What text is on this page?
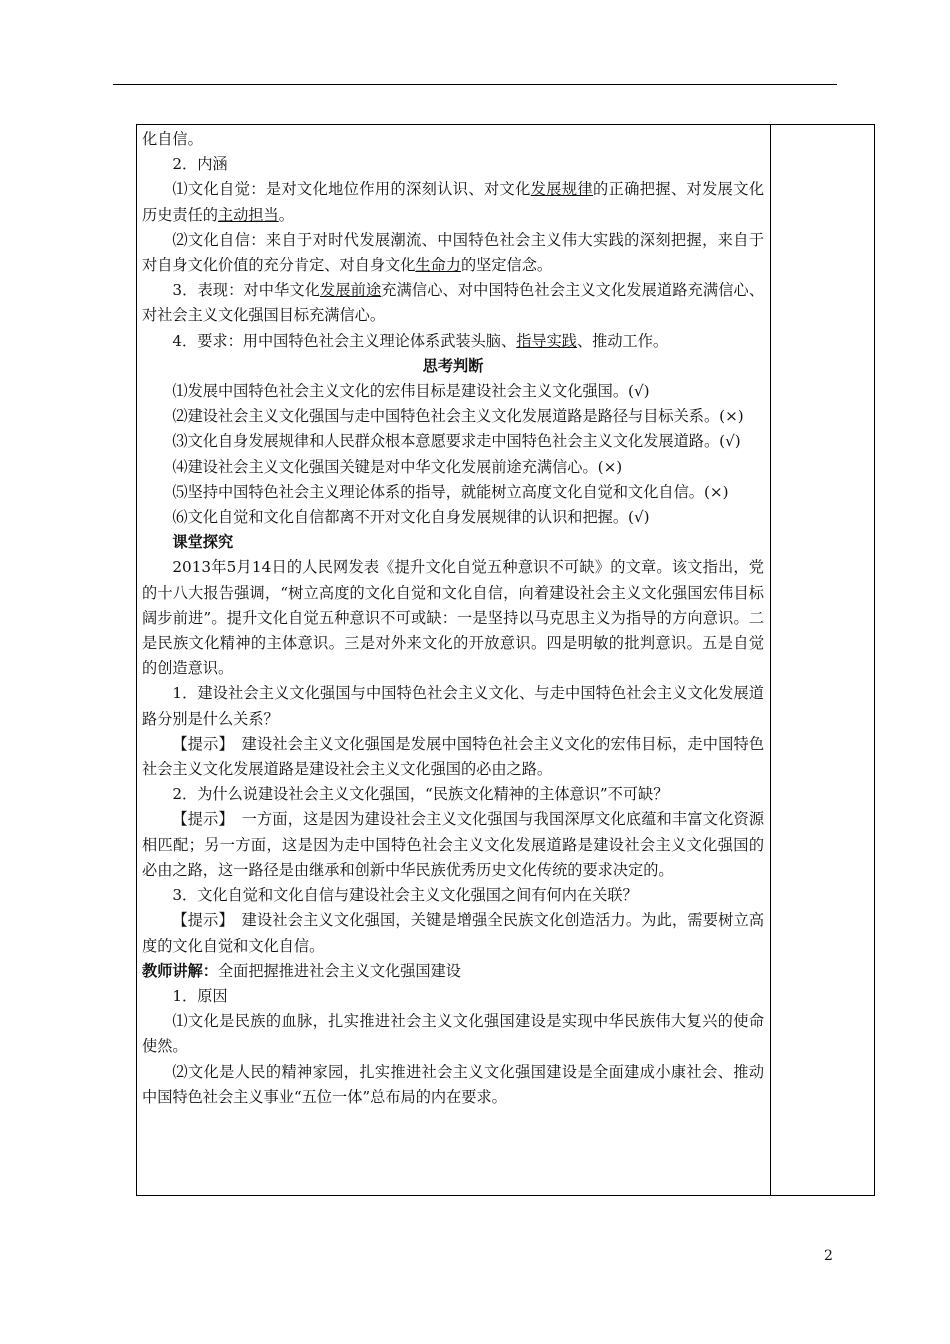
化自信。

2．内涵

⑴文化自觉：是对文化地位作用的深刻认识、对文化发展规律的正确把握、对发展文化历史责任的主动担当。

⑵文化自信：来自于对时代发展潮流、中国特色社会主义伟大实践的深刻把握，来自于对自身文化价值的充分肯定、对自身文化生命力的坚定信念。

3．表现：对中华文化发展前途充满信心、对中国特色社会主义文化发展道路充满信心、对社会主义文化强国目标充满信心。

4．要求：用中国特色社会主义理论体系武装头脑、指导实践、推动工作。

思考判断

⑴发展中国特色社会主义文化的宏伟目标是建设社会主义文化强国。(√)

⑵建设社会主义文化强国与走中国特色社会主义文化发展道路是路径与目标关系。(×)

⑶文化自身发展规律和人民群众根本意愿要求走中国特色社会主义文化发展道路。(√)

⑷建设社会主义文化强国关键是对中华文化发展前途充满信心。(×)

⑸坚持中国特色社会主义理论体系的指导，就能树立高度文化自觉和文化自信。(×)

⑹文化自觉和文化自信都离不开对文化自身发展规律的认识和把握。(√)

课堂探究

2013年5月14日的人民网发表《提升文化自觉五种意识不可缺》的文章。该文指出，党的十八大报告强调，“树立高度的文化自觉和文化自信，向着建设社会主义文化强国宏伟目标阔步前进”。提升文化自觉五种意识不可或缺：一是坚持以马克思主义为指导的方向意识。二是民族文化精神的主体意识。三是对外来文化的开放意识。四是明敏的批判意识。五是自觉的创造意识。

1．建设社会主义文化强国与中国特色社会主义文化、与走中国特色社会主义文化发展道路分别是什么关系？

【提示】　建设社会主义文化强国是发展中国特色社会主义文化的宏伟目标，走中国特色社会主义文化发展道路是建设社会主义文化强国的必由之路。

2．为什么说建设社会主义文化强国，“民族文化精神的主体意识”不可缺？

【提示】　一方面，这是因为建设社会主义文化强国与我国深厚文化底蕴和丰富文化资源相匹配；另一方面，这是因为走中国特色社会主义文化发展道路是建设社会主义文化强国的必由之路，这一路径是由继承和创新中华民族优秀历史文化传统的要求决定的。

3．文化自觉和文化自信与建设社会主义文化强国之间有何内在关联？

【提示】　建设社会主义文化强国，关键是增强全民族文化创造活力。为此，需要树立高度的文化自觉和文化自信。

教师讲解：全面把握推进社会主义文化强国建设

1．原因

⑴文化是民族的血脉，扎实推进社会主义文化强国建设是实现中华民族伟大复兴的使命使然。

⑵文化是人民的精神家园，扎实推进社会主义文化强国建设是全面建成小康社会、推动中国特色社会主义事业“五位一体”总布局的内在要求。

2
